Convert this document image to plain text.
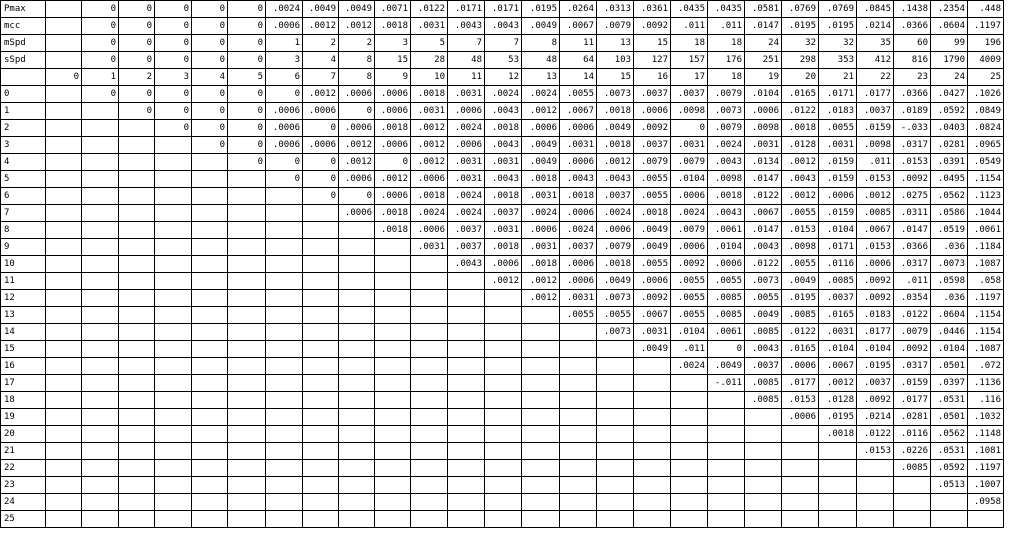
Pmax		0	0	0	0	0	.0024	.0049	.0049	.0071	.0122	.0171	.0171	.0195	.0264	.0313	.0361	.0435	.0435	.0581	.0769	.0769	.0845	.1438	.2354	.448
mcc		0	0	0	0	0	.0006	.0012	.0012	.0018	.0031	.0043	.0043	.0049	.0067	.0079	.0092	.011	.011	.0147	.0195	.0195	.0214	.0366	.0604	.1197
mSpd		0	0	0	0	0	1	2	2	3	5	7	7	8	11	13	15	18	18	24	32	32	35	60	99	196
sSpd		0	0	0	0	0	3	4	8	15	28	48	53	48	64	103	127	157	176	251	298	353	412	816	1790	4009
	0	1	2	3	4	5	6	7	8	9	10	11	12	13	14	15	16	17	18	19	20	21	22	23	24	25
0		0	0	0	0	0	0	.0012	.0006	.0006	.0018	.0031	.0024	.0024	.0055	.0073	.0037	.0037	.0079	.0104	.0165	.0171	.0177	.0366	.0427	.1026
1			0	0	0	0	.0006	.0006	0	.0006	.0031	.0006	.0043	.0012	.0067	.0018	.0006	.0098	.0073	.0006	.0122	.0183	.0037	.0189	.0592	.0849
2				0	0	0	.0006	0	.0006	.0018	.0012	.0024	.0018	.0006	.0006	.0049	.0092	0	.0079	.0098	.0018	.0055	.0159	-.033	.0403	.0824
3					0	0	.0006	.0006	.0012	.0006	.0012	.0006	.0043	.0049	.0031	.0018	.0037	.0031	.0024	.0031	.0128	.0031	.0098	.0317	.0281	.0965
4						0	0	0	.0012	0	.0012	.0031	.0031	.0049	.0006	.0012	.0079	.0079	.0043	.0134	.0012	.0159	.011	.0153	.0391	.0549
5							0	0	.0006	.0012	.0006	.0031	.0043	.0018	.0043	.0043	.0055	.0104	.0098	.0147	.0043	.0159	.0153	.0092	.0495	.1154
6								0	0	.0006	.0018	.0024	.0018	.0031	.0018	.0037	.0055	.0006	.0018	.0122	.0012	.0006	.0012	.0275	.0562	.1123
7									.0006	.0018	.0024	.0024	.0037	.0024	.0006	.0024	.0018	.0024	.0043	.0067	.0055	.0159	.0085	.0311	.0586	.1044
8										.0018	.0006	.0037	.0031	.0006	.0024	.0006	.0049	.0079	.0061	.0147	.0153	.0104	.0067	.0147	.0519	.0061
9											.0031	.0037	.0018	.0031	.0037	.0079	.0049	.0006	.0104	.0043	.0098	.0171	.0153	.0366	.036	.1184
10												.0043	.0006	.0018	.0006	.0018	.0055	.0092	.0006	.0122	.0055	.0116	.0006	.0317	.0073	.1087
11													.0012	.0012	.0006	.0049	.0006	.0055	.0055	.0073	.0049	.0085	.0092	.011	.0598	.058
12														.0012	.0031	.0073	.0092	.0055	.0085	.0055	.0195	.0037	.0092	.0354	.036	.1197
13															.0055	.0055	.0067	.0055	.0085	.0049	.0085	.0165	.0183	.0122	.0604	.1154
14																.0073	.0031	.0104	.0061	.0085	.0122	.0031	.0177	.0079	.0446	.1154
15																	.0049	.011	0	.0043	.0165	.0104	.0104	.0092	.0104	.1087
16																		.0024	.0049	.0037	.0006	.0067	.0195	.0317	.0501	.072
17																			-.011	.0085	.0177	.0012	.0037	.0159	.0397	.1136
18																				.0085	.0153	.0128	.0092	.0177	.0531	.116
19																					.0006	.0195	.0214	.0281	.0501	.1032
20																						.0018	.0122	.0116	.0562	.1148
21																							.0153	.0226	.0531	.1081
22																								.0085	.0592	.1197
23																									.0513	.1007
24																										.0958
25																										
